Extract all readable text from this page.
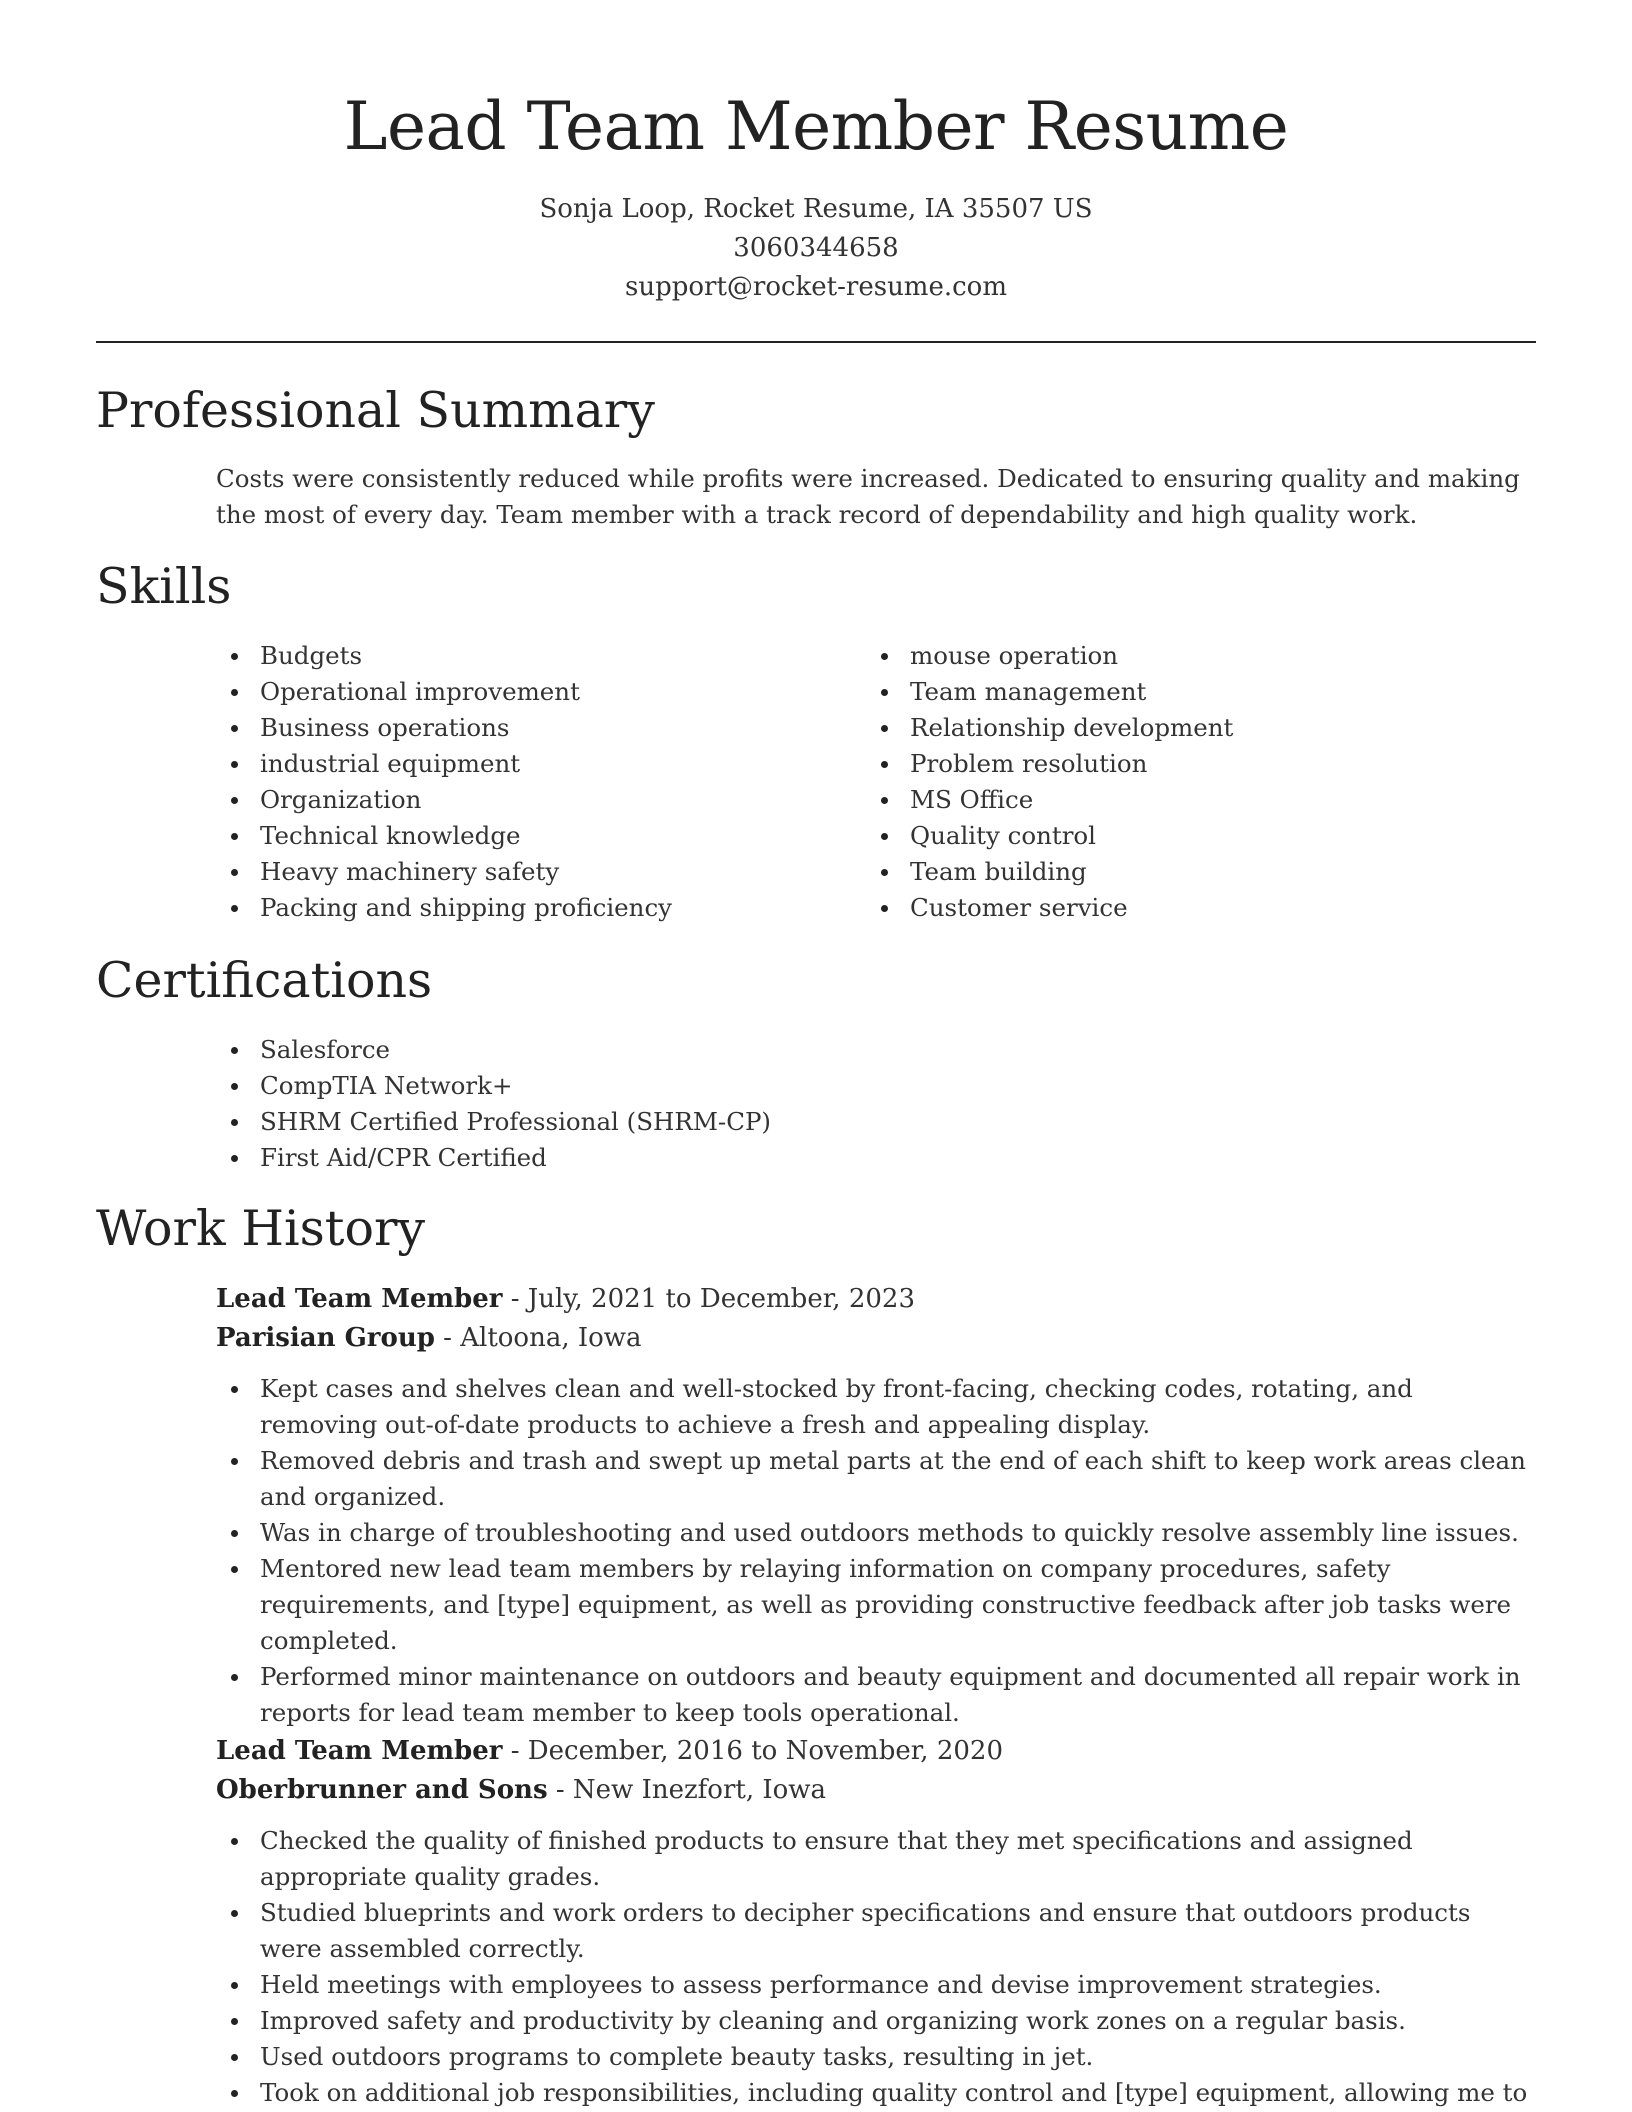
Lead Team Member Resume
Sonja Loop, Rocket Resume, IA 35507 US
3060344658
support@rocket-resume.com
Professional Summary
Costs were consistently reduced while profits were increased. Dedicated to ensuring quality and making the most of every day. Team member with a track record of dependability and high quality work.
Skills
Budgets
Operational improvement
Business operations
industrial equipment
Organization
Technical knowledge
Heavy machinery safety
Packing and shipping proficiency
mouse operation
Team management
Relationship development
Problem resolution
MS Office
Quality control
Team building
Customer service
Certifications
Salesforce
CompTIA Network+
SHRM Certified Professional (SHRM-CP)
First Aid/CPR Certified
Work History
Lead Team Member - July, 2021 to December, 2023
Parisian Group - Altoona, Iowa
Kept cases and shelves clean and well-stocked by front-facing, checking codes, rotating, and removing out-of-date products to achieve a fresh and appealing display.
Removed debris and trash and swept up metal parts at the end of each shift to keep work areas clean and organized.
Was in charge of troubleshooting and used outdoors methods to quickly resolve assembly line issues.
Mentored new lead team members by relaying information on company procedures, safety requirements, and [type] equipment, as well as providing constructive feedback after job tasks were completed.
Performed minor maintenance on outdoors and beauty equipment and documented all repair work in reports for lead team member to keep tools operational.
Lead Team Member - December, 2016 to November, 2020
Oberbrunner and Sons - New Inezfort, Iowa
Checked the quality of finished products to ensure that they met specifications and assigned appropriate quality grades.
Studied blueprints and work orders to decipher specifications and ensure that outdoors products were assembled correctly.
Held meetings with employees to assess performance and devise improvement strategies.
Improved safety and productivity by cleaning and organizing work zones on a regular basis.
Used outdoors programs to complete beauty tasks, resulting in jet.
Took on additional job responsibilities, including quality control and [type] equipment, allowing me to
